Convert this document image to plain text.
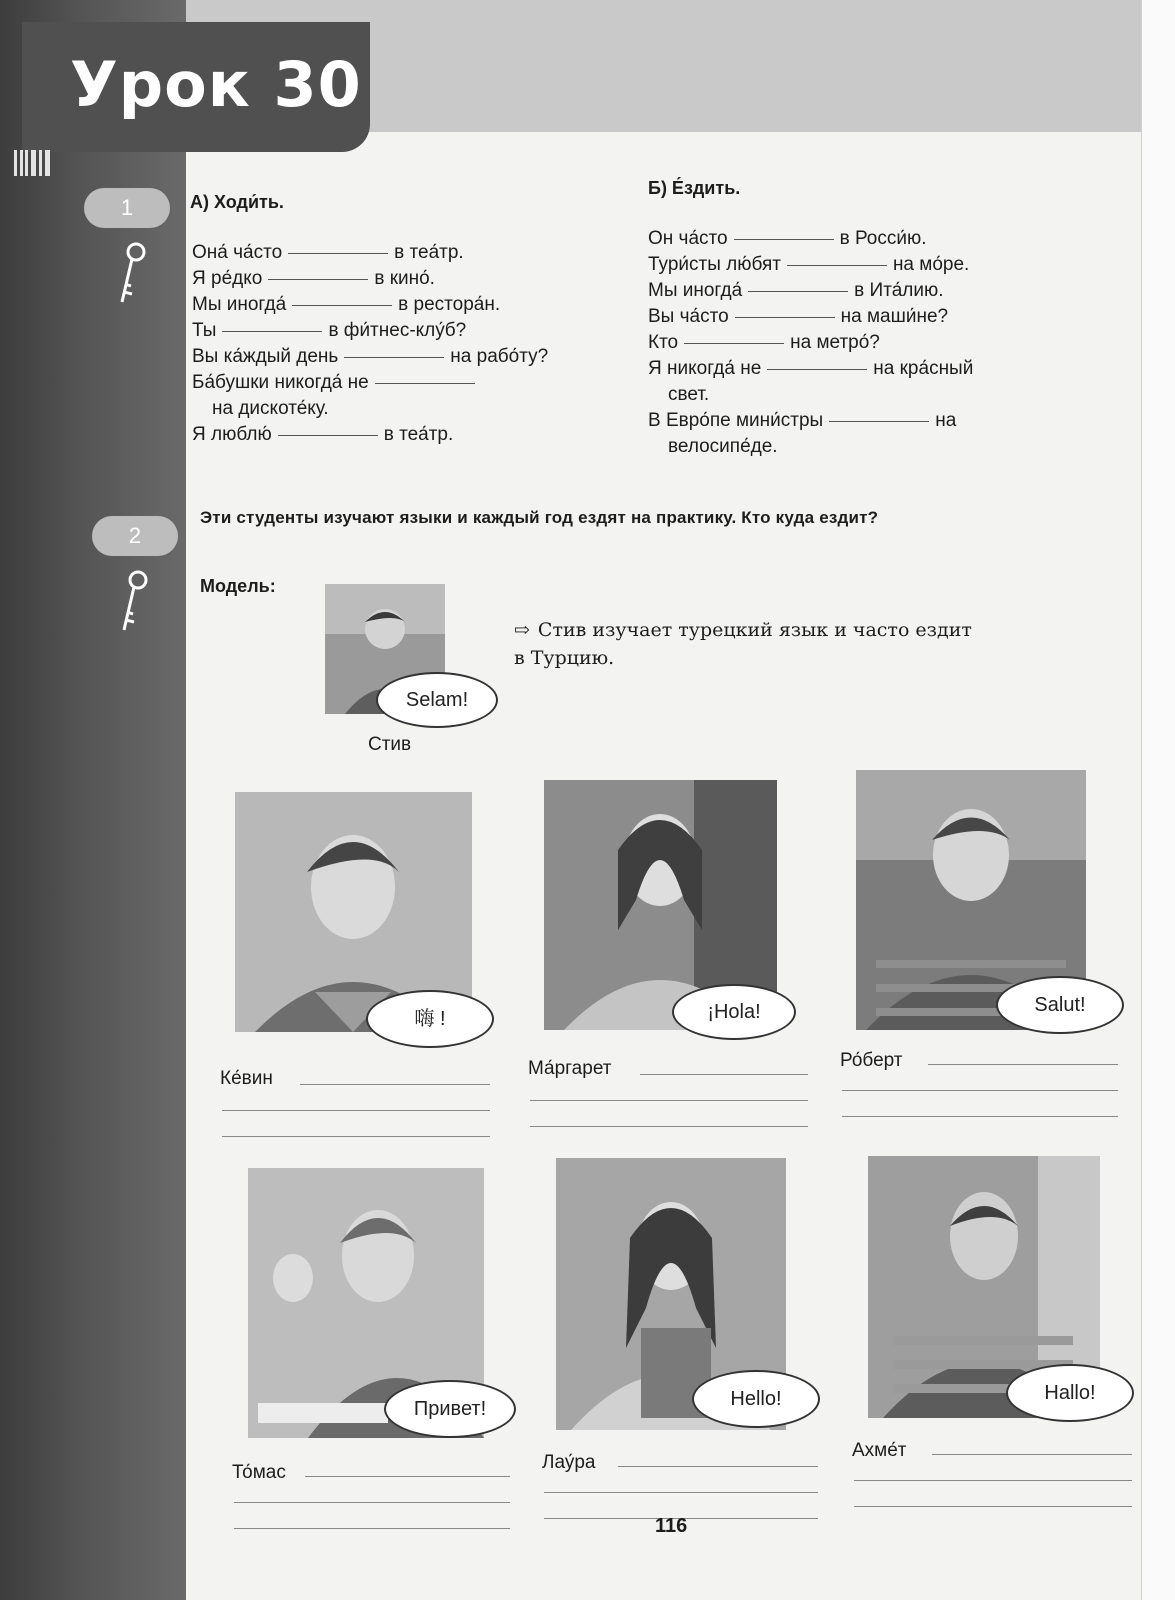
Урок 30
1	А) Ходи́ть.
Она́ ча́сто	в теа́тр.
Я ре́дко	в кино́.
Мы иногда́	в рестора́н.
Ты	в фи́тнес-клу́б?
Вы ка́ждый день	на рабо́ту?
Ба́бушки никогда́ не
на дискоте́ку.
Я люблю́	в теа́тр.
Б) Е́здить.
Он ча́сто	в Росси́ю.
Тури́сты лю́бят	на мо́ре.
Мы иногда́	в Ита́лию.
Вы ча́сто	на маши́не?
Кто	на метро́?
Я никогда́ не	на кра́сный
свет.
В Евро́пе мини́стры	на
велосипе́де.
2
Эти студенты изучают языки и каждый год ездят на практику. Кто куда ездит?
Модель:
Selam!
Стив
⇨ Стив изучает турецкий язык и часто ездит в Турцию.
嗨 !
Ке́вин
¡Hola!
Ма́ргарет
Salut!
Ро́берт
Привет!
То́мас
Hello!
Лау́ра
Hallo!
Ахме́т
116
